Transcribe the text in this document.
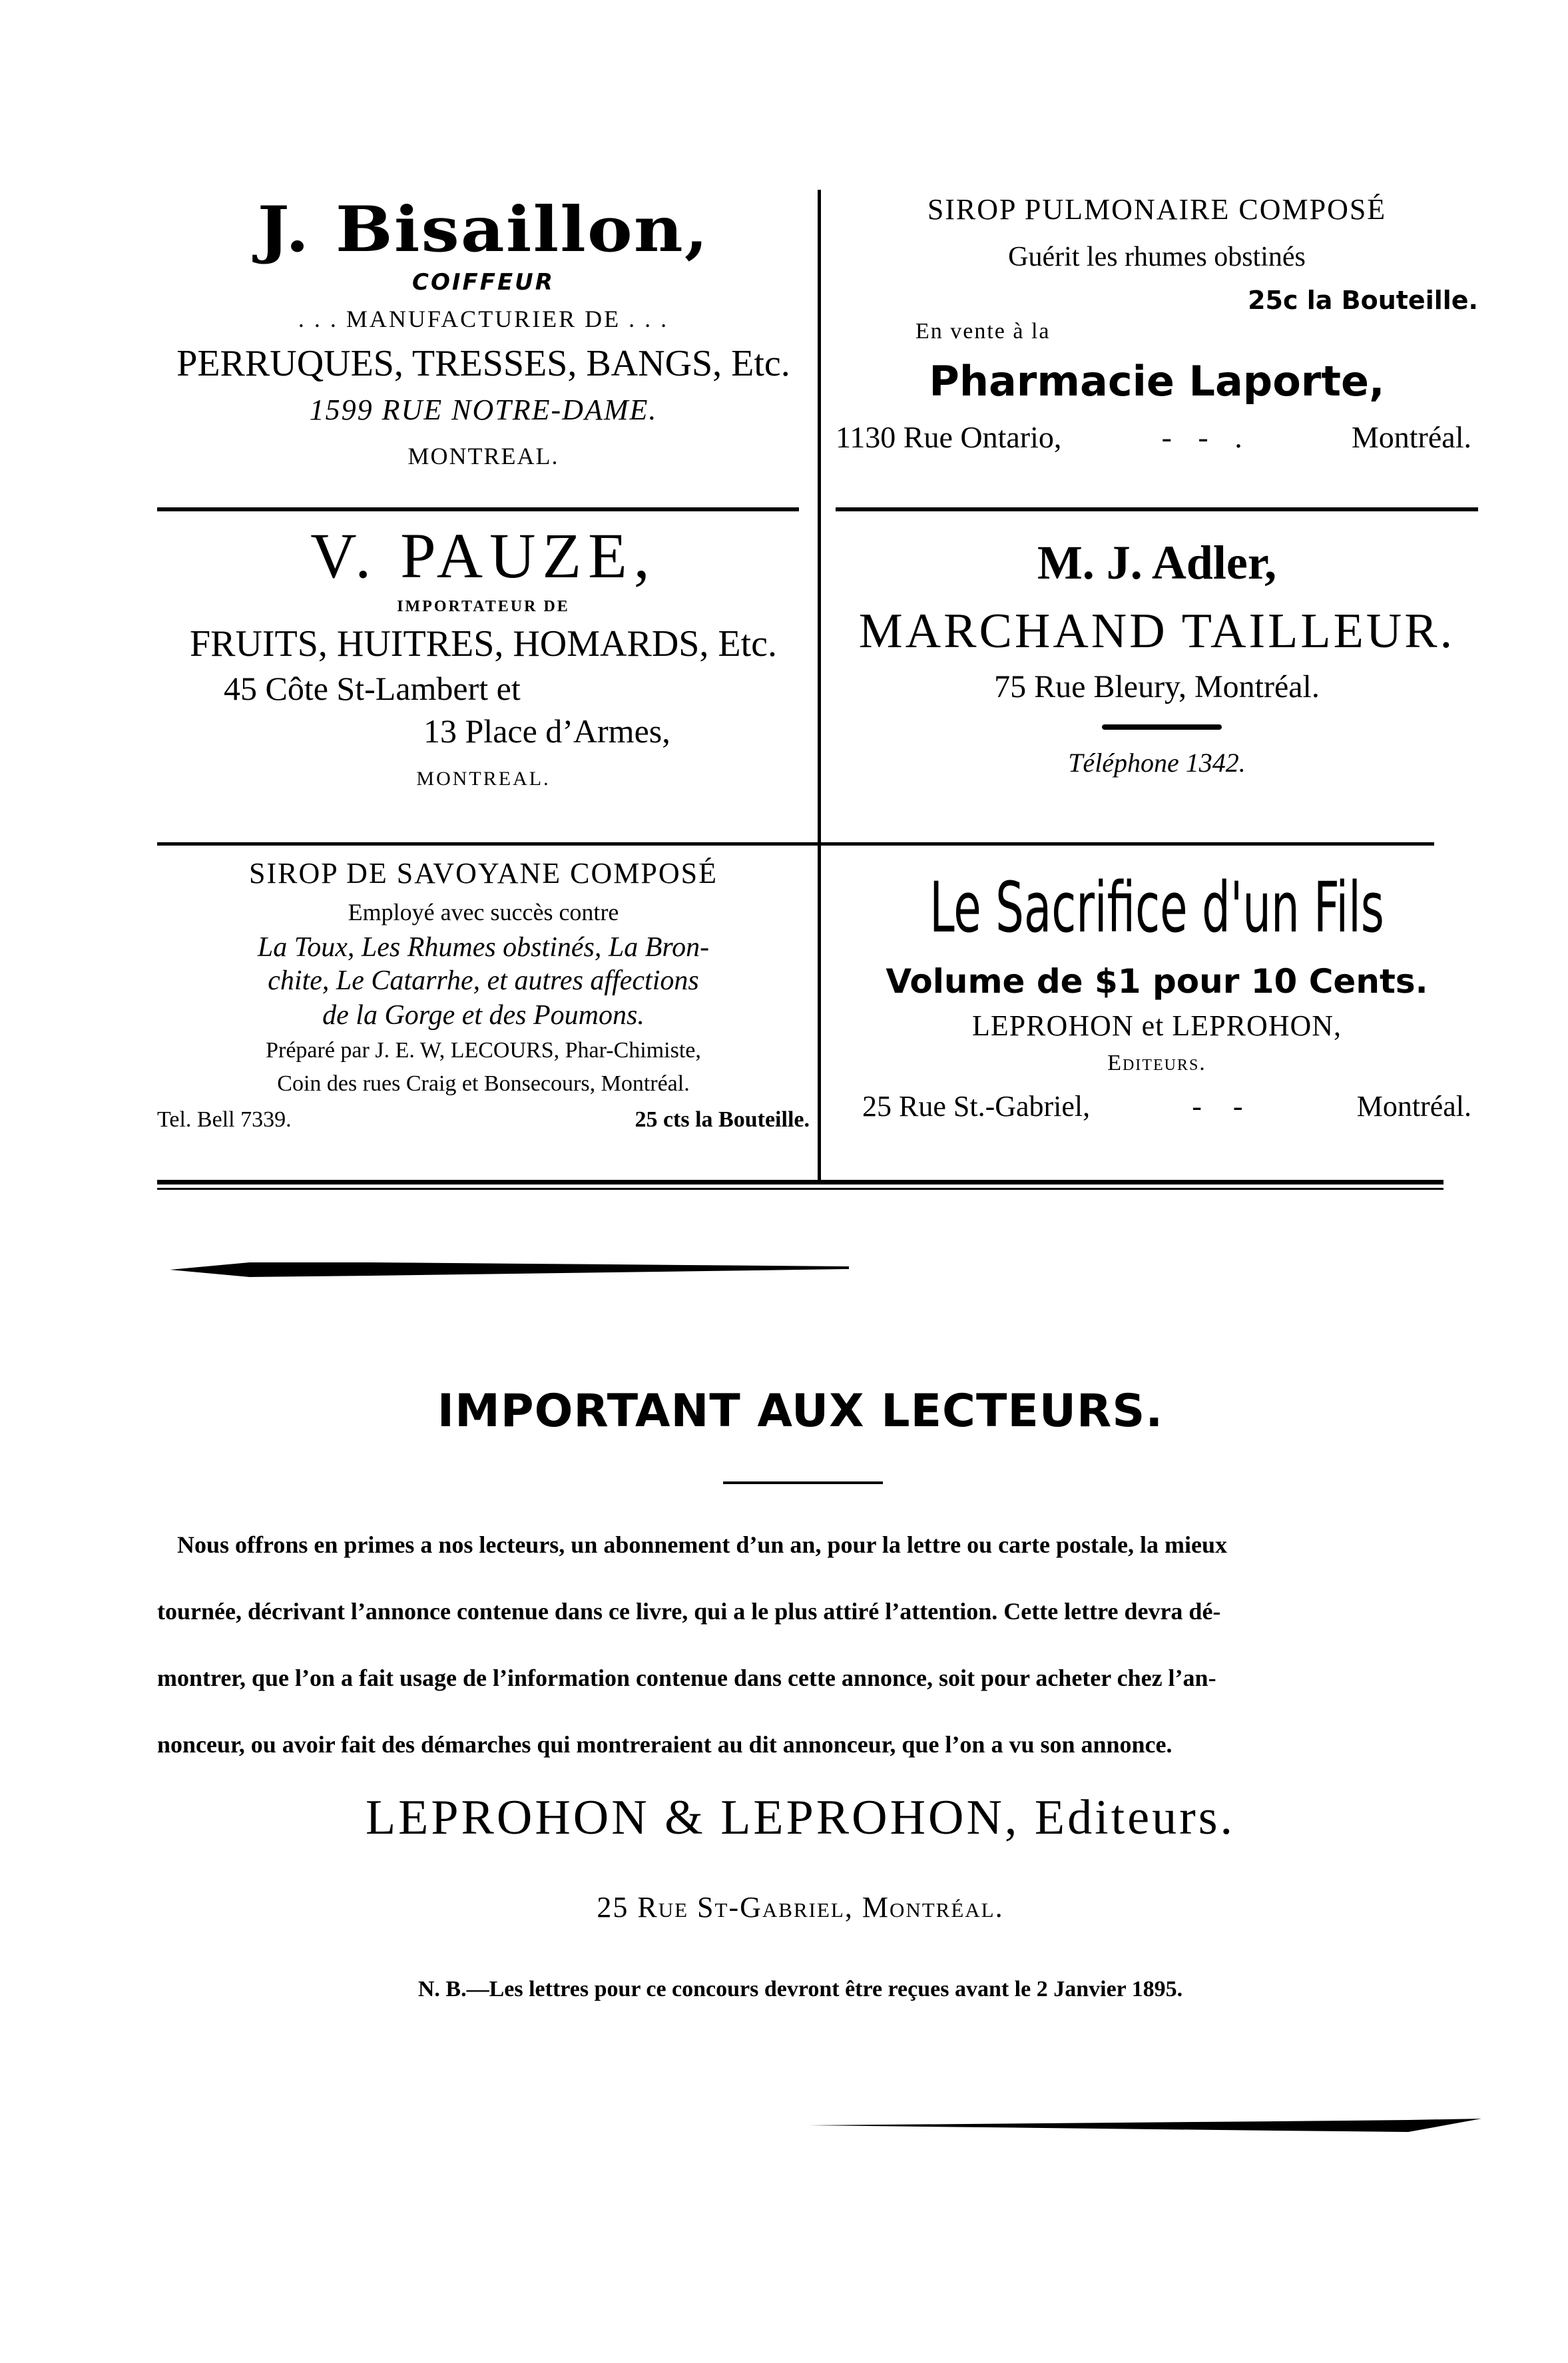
J. Bisaillon,
COIFFEUR
. . . MANUFACTURIER DE . . .
PERRUQUES, TRESSES, BANGS, Etc.
1599 RUE NOTRE-DAME.
MONTREAL.
SIROP PULMONAIRE COMPOSÉ
Guérit les rhumes obstinés
25c la Bouteille.
En vente à la
Pharmacie Laporte,
1130 Rue Ontario,	- - .	Montréal.
V. PAUZE,
IMPORTATEUR DE
FRUITS, HUITRES, HOMARDS, Etc.
45 Côte St-Lambert et
13 Place d’Armes,
MONTREAL.
M. J. Adler,
MARCHAND TAILLEUR.
75 Rue Bleury, Montréal.
Téléphone 1342.
SIROP DE SAVOYANE COMPOSÉ
Employé avec succès contre
La Toux, Les Rhumes obstinés, La Bron-
chite, Le Catarrhe, et autres affections
de la Gorge et des Poumons.
Préparé par J. E. W, LECOURS, Phar-Chimiste,
Coin des rues Craig et Bonsecours, Montréal.
Tel. Bell 7339.	25 cts la Bouteille.
Le Sacrifice d'un Fils
Volume de $1 pour 10 Cents.
LEPROHON et LEPROHON,
Editeurs.
25 Rue St.-Gabriel,	- -	Montréal.
IMPORTANT AUX LECTEURS.
Nous offrons en primes a nos lecteurs, un abonnement d’un an, pour la lettre ou carte postale, la mieux
tournée, décrivant l’annonce contenue dans ce livre, qui a le plus attiré l’attention. Cette lettre devra dé-
montrer, que l’on a fait usage de l’information contenue dans cette annonce, soit pour acheter chez l’an-
nonceur, ou avoir fait des démarches qui montreraient au dit annonceur, que l’on a vu son annonce.
LEPROHON & LEPROHON, Editeurs.
25 Rue St-Gabriel, Montréal.
N. B.—Les lettres pour ce concours devront être reçues avant le 2 Janvier 1895.
